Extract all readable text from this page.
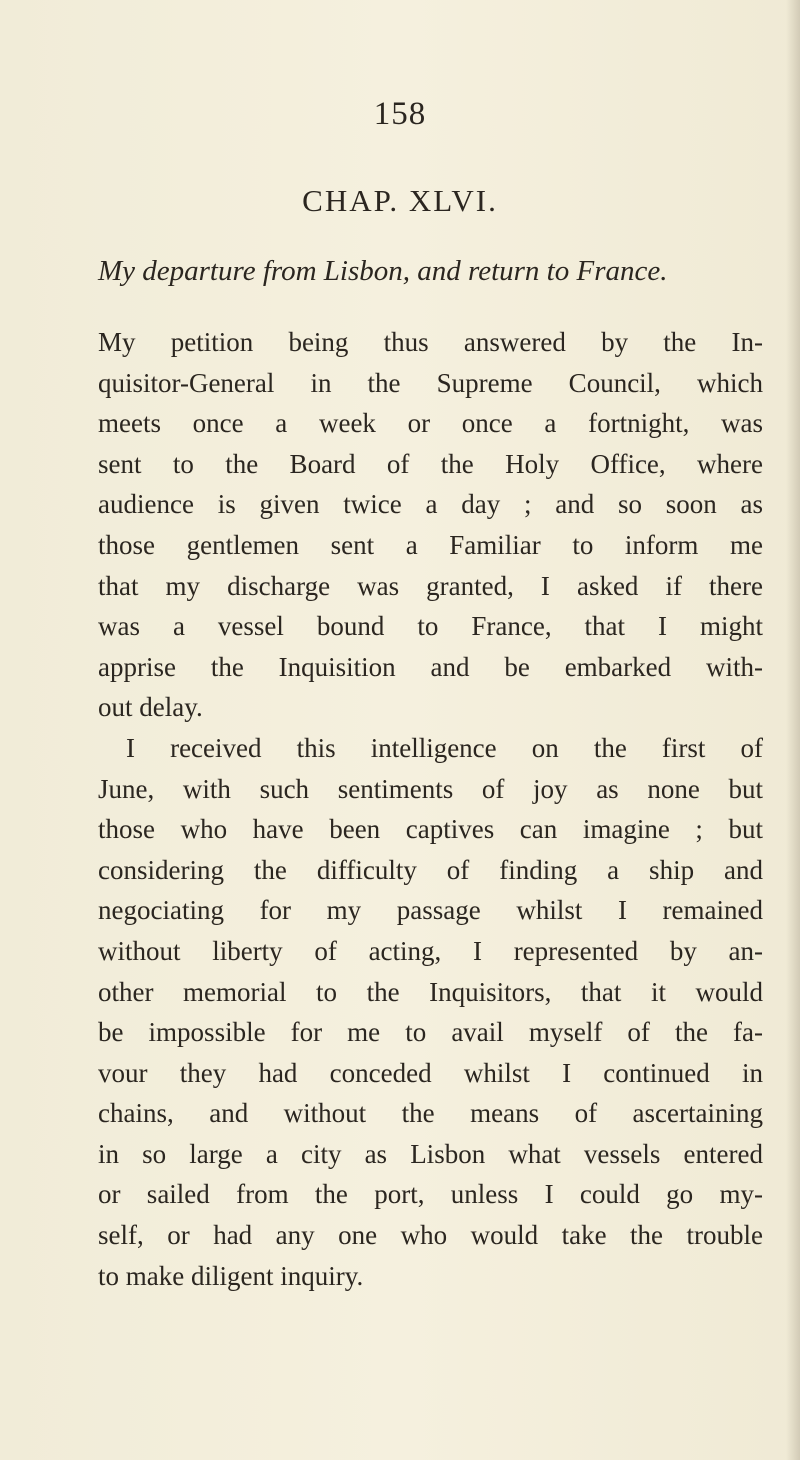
158
CHAP. XLVI.
My departure from Lisbon, and return to France.
My petition being thus answered by the In-
quisitor-General in the Supreme Council, which
meets once a week or once a fortnight, was
sent to the Board of the Holy Office, where
audience is given twice a day ; and so soon as
those gentlemen sent a Familiar to inform me
that my discharge was granted, I asked if there
was a vessel bound to France, that I might
apprise the Inquisition and be embarked with-
out delay.
I received this intelligence on the first of
June, with such sentiments of joy as none but
those who have been captives can imagine ; but
considering the difficulty of finding a ship and
negociating for my passage whilst I remained
without liberty of acting, I represented by an-
other memorial to the Inquisitors, that it would
be impossible for me to avail myself of the fa-
vour they had conceded whilst I continued in
chains, and without the means of ascertaining
in so large a city as Lisbon what vessels entered
or sailed from the port, unless I could go my-
self, or had any one who would take the trouble
to make diligent inquiry.
